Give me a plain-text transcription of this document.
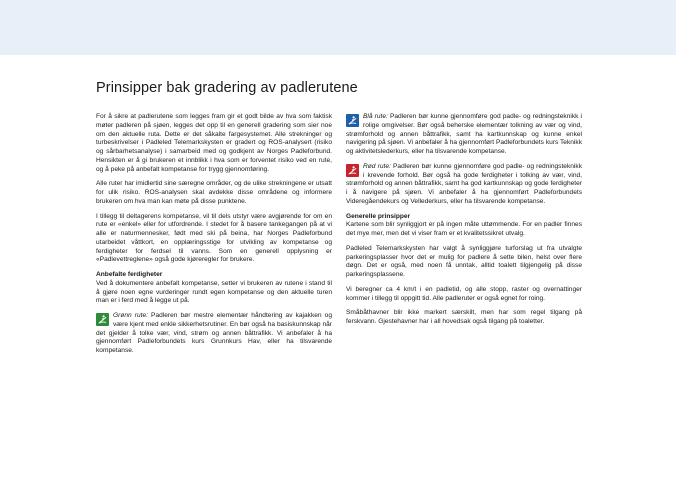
Prinsipper bak gradering av padlerutene

For å sikre at padlerutene som legges fram gir et godt bilde av hva som faktisk møter padleren på sjøen, legges det opp til en generell gradering som sier noe om den aktuelle ruta. Dette er det såkalte fargesystemet. Alle strekninger og turbeskrivelser i Padleled Telemarkskysten er gradert og ROS-analysert (risiko og sårbarhetsanalyse) i samarbeid med og godkjent av Norges Padleforbund. Hensikten er å gi brukeren et innblikk i hva som er forventet risiko ved en rute, og å peke på anbefalt kompetanse for trygg gjennomføring.

Alle ruter har imidlertid sine særegne områder, og de ulike strekningene er utsatt for ulik risiko. ROS-analysen skal avdekke disse områdene og informere brukeren om hva man kan møte på disse punktene.

I tillegg til deltagerens kompetanse, vil til dels utstyr være avgjørende for om en rute er «enkel» eller for utfordrende. I stedet for å basere tankegangen på at vi alle er naturmennesker, født med ski på beina, har Norges Padleforbund utarbeidet våttkort, en opplæringsstige for utvikling av kompetanse og ferdigheter for ferdsel til vanns. Som en generell opplysning er «Padlevettreglene» også gode kjøreregler for brukere.

Anbefalte ferdigheter

Ved å dokumentere anbefalt kompetanse, setter vi brukeren av rutene i stand til å gjøre noen egne vurderinger rundt egen kompetanse og den aktuelle turen man er i ferd med å legge ut på.

Grønn rute: Padleren bør mestre elementær håndtering av kajakken og være kjent med enkle sikkerhetsrutiner. En bør også ha basiskunnskap når det gjelder å tolke vær, vind, strøm og annen båttrafikk. Vi anbefaler å ha gjennomført Padleforbundets kurs Grunnkurs Hav, eller ha tilsvarende kompetanse.
Blå rute: Padleren bør kunne gjennomføre god padle- og redningsteknikk i rolige omgivelser. Bør også beherske elementær tolkning av vær og vind, strømforhold og annen båttrafikk, samt ha kartkunnskap og kunne enkel navigering på sjøen. Vi anbefaler å ha gjennomført Padleforbundets kurs Teknikk og aktivitetslederkurs, eller ha tilsvarende kompetanse.
Rød rute: Padleren bør kunne gjennomføre god padle- og redningsteknikk i krevende forhold. Bør også ha gode ferdigheter i tolking av vær, vind, strømforhold og annen båttrafikk, samt ha god kartkunnskap og gode ferdigheter i å navigere på sjøen. Vi anbefaler å ha gjennomført Padleforbundets Videregåendekurs og Vellederkurs, eller ha tilsvarende kompetanse.
Generelle prinsipper

Kartene som blir synliggjort er på ingen måte uttømmende. For en padler finnes det mye mer, men det vi viser fram er et kvalitetssikret utvalg.

Padleled Telemarkskysten har valgt å synliggjøre turforslag ut fra utvalgte parkeringsplasser hvor det er mulig for padlere å sette bilen, helst over flere døgn. Det er også, med noen få unntak, alltid toalett tilgjengelig på disse parkeringsplassene.

Vi beregner ca 4 km/t i en padletid, og alle stopp, raster og overnattinger kommer i tillegg til oppgitt tid. Alle padleruter er også egnet for roing.

Småbåthavner blir ikke markert særskilt, men har som regel tilgang på ferskvann. Gjestehavner har i all hovedsak også tilgang på toaletter.
